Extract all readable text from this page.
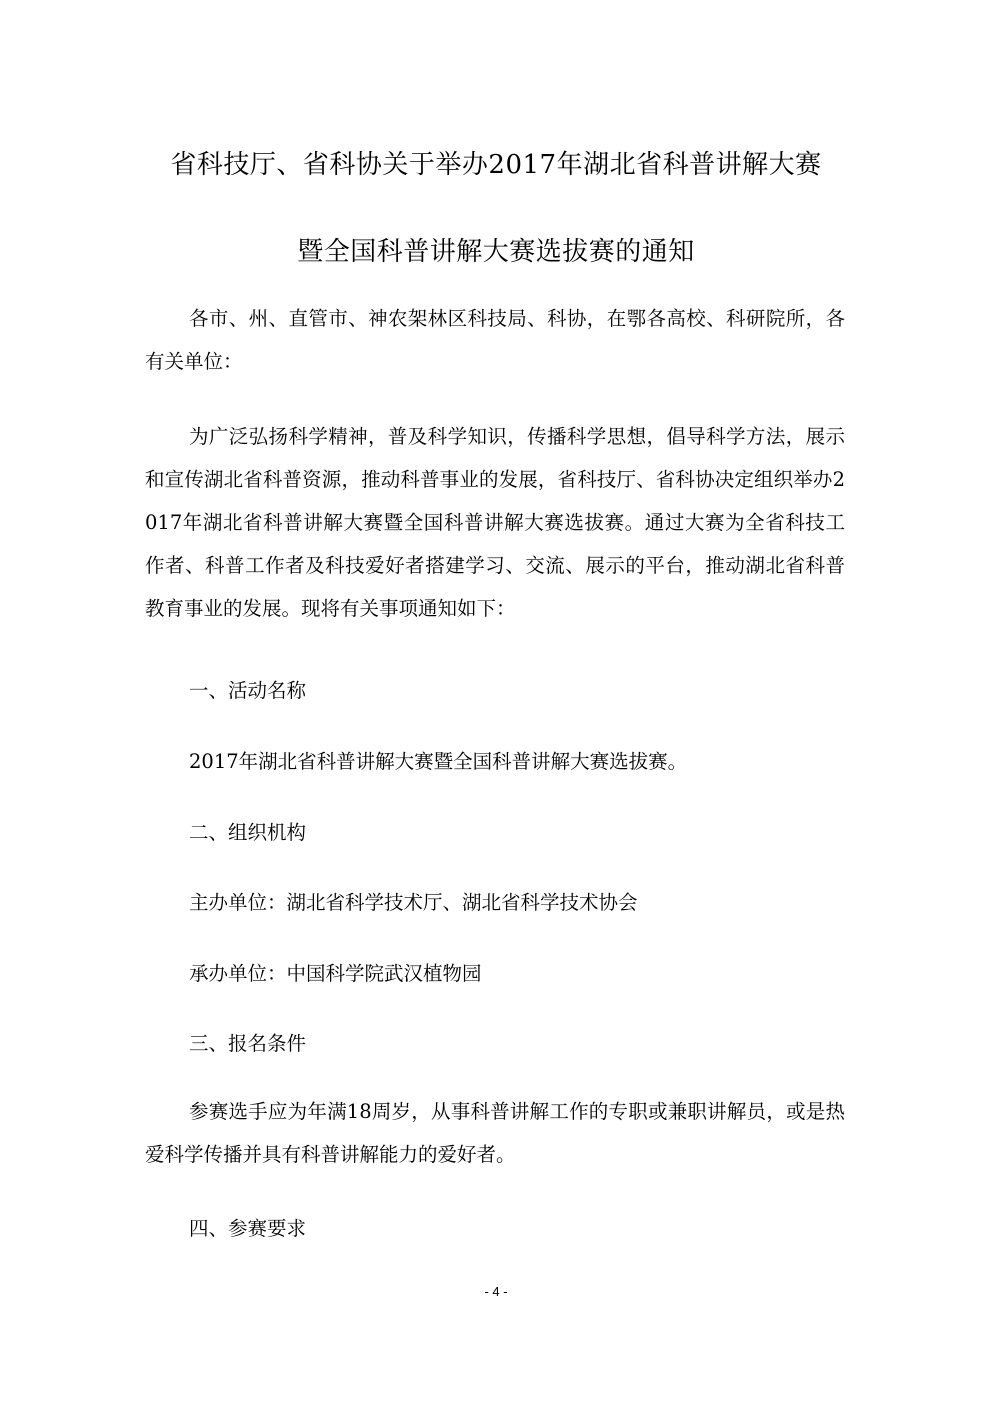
省科技厅、省科协关于举办2017年湖北省科普讲解大赛
暨全国科普讲解大赛选拔赛的通知
各市、州、直管市、神农架林区科技局、科协，在鄂各高校、科研院所，各有关单位：
为广泛弘扬科学精神，普及科学知识，传播科学思想，倡导科学方法，展示和宣传湖北省科普资源，推动科普事业的发展，省科技厅、省科协决定组织举办2017年湖北省科普讲解大赛暨全国科普讲解大赛选拔赛。通过大赛为全省科技工作者、科普工作者及科技爱好者搭建学习、交流、展示的平台，推动湖北省科普教育事业的发展。现将有关事项通知如下：
一、活动名称
2017年湖北省科普讲解大赛暨全国科普讲解大赛选拔赛。
二、组织机构
主办单位：湖北省科学技术厅、湖北省科学技术协会
承办单位：中国科学院武汉植物园
三、报名条件
参赛选手应为年满18周岁，从事科普讲解工作的专职或兼职讲解员，或是热爱科学传播并具有科普讲解能力的爱好者。
四、参赛要求
- 4 -
